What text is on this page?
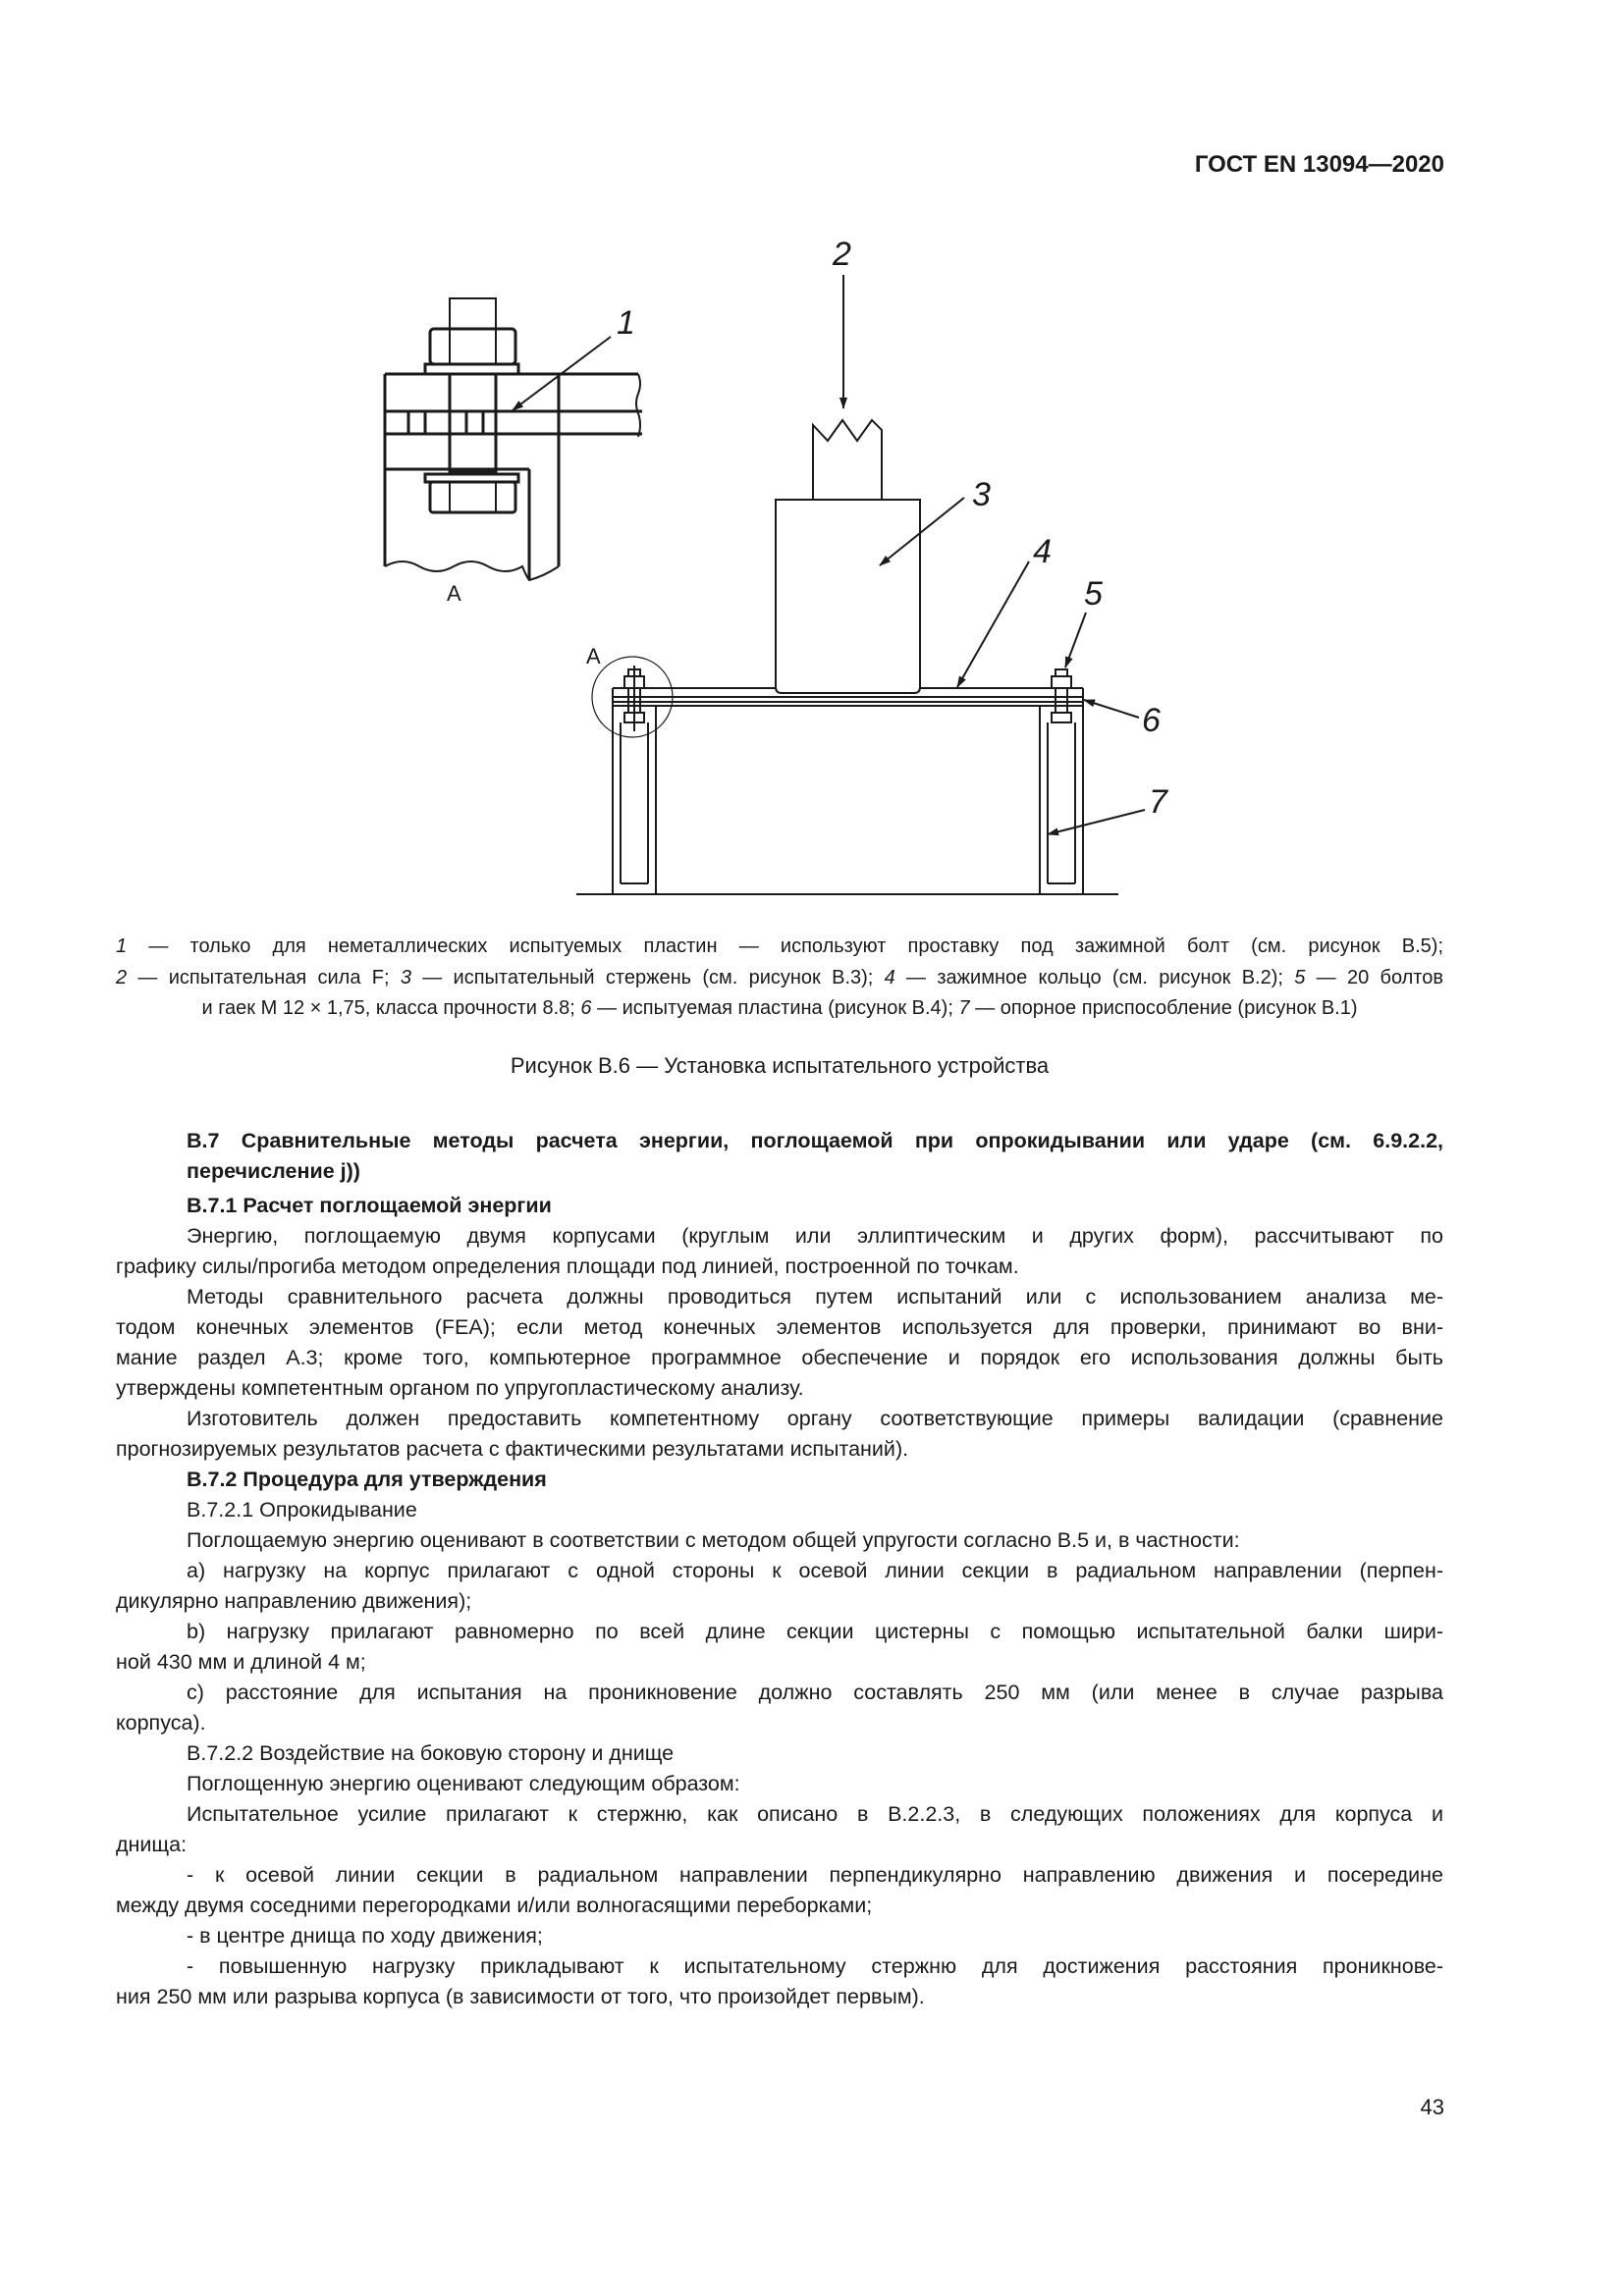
ГОСТ EN 13094—2020
A
1
2
3
4
A
5
6
7
1 — только для неметаллических испытуемых пластин — используют проставку под зажимной болт (см. рисунок В.5);
2 — испытательная сила F; 3 — испытательный стержень (см. рисунок В.3); 4 — зажимное кольцо (см. рисунок В.2); 5 — 20 болтов
и гаек М 12 × 1,75, класса прочности 8.8; 6 — испытуемая пластина (рисунок В.4); 7 — опорное приспособление (рисунок В.1)
Рисунок В.6 — Установка испытательного устройства
В.7 Сравнительные методы расчета энергии, поглощаемой при опрокидывании или ударе (см. 6.9.2.2,
перечисление j))
В.7.1 Расчет поглощаемой энергии
Энергию, поглощаемую двумя корпусами (круглым или эллиптическим и других форм), рассчитывают по
графику силы/прогиба методом определения площади под линией, построенной по точкам.
Методы сравнительного расчета должны проводиться путем испытаний или с использованием анализа ме-
тодом конечных элементов (FEA); если метод конечных элементов используется для проверки, принимают во вни-
мание раздел А.3; кроме того, компьютерное программное обеспечение и порядок его использования должны быть
утверждены компетентным органом по упругопластическому анализу.
Изготовитель должен предоставить компетентному органу соответствующие примеры валидации (сравнение
прогнозируемых результатов расчета с фактическими результатами испытаний).
В.7.2 Процедура для утверждения
В.7.2.1 Опрокидывание
Поглощаемую энергию оценивают в соответствии с методом общей упругости согласно В.5 и, в частности:
а) нагрузку на корпус прилагают с одной стороны к осевой линии секции в радиальном направлении (перпен-
дикулярно направлению движения);
b) нагрузку прилагают равномерно по всей длине секции цистерны с помощью испытательной балки шири-
ной 430 мм и длиной 4 м;
c) расстояние для испытания на проникновение должно составлять 250 мм (или менее в случае разрыва
корпуса).
В.7.2.2 Воздействие на боковую сторону и днище
Поглощенную энергию оценивают следующим образом:
Испытательное усилие прилагают к стержню, как описано в В.2.2.3, в следующих положениях для корпуса и
днища:
- к осевой линии секции в радиальном направлении перпендикулярно направлению движения и посередине
между двумя соседними перегородками и/или волногасящими переборками;
- в центре днища по ходу движения;
- повышенную нагрузку прикладывают к испытательному стержню для достижения расстояния проникнове-
ния 250 мм или разрыва корпуса (в зависимости от того, что произойдет первым).
43
